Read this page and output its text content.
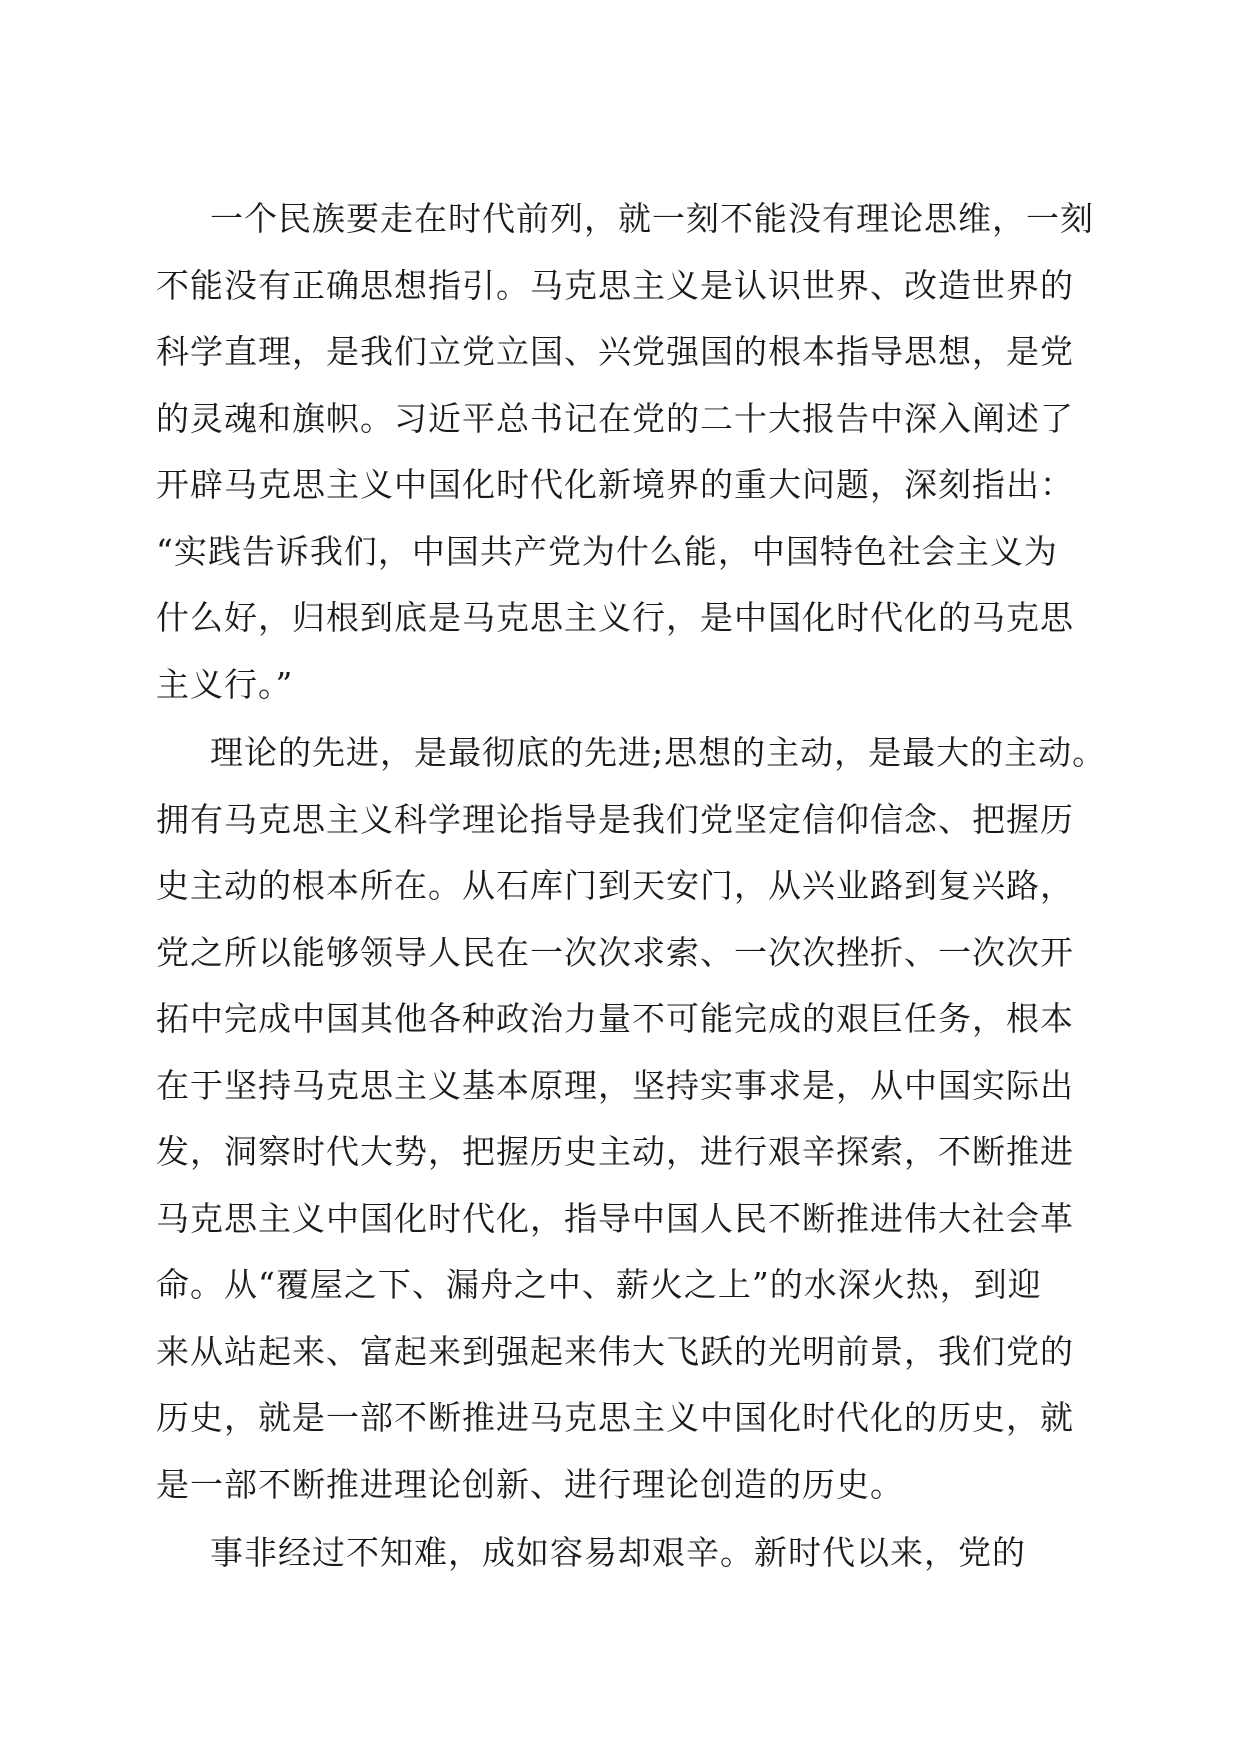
一个民族要走在时代前列，就一刻不能没有理论思维，一刻
不能没有正确思想指引。马克思主义是认识世界、改造世界的
科学直理，是我们立党立国、兴党强国的根本指导思想，是党
的灵魂和旗帜。习近平总书记在党的二十大报告中深入阐述了
开辟马克思主义中国化时代化新境界的重大问题，深刻指出：
“实践告诉我们，中国共产党为什么能，中国特色社会主义为
什么好，归根到底是马克思主义行，是中国化时代化的马克思
主义行。”
理论的先进，是最彻底的先进;思想的主动，是最大的主动。
拥有马克思主义科学理论指导是我们党坚定信仰信念、把握历
史主动的根本所在。从石库门到天安门，从兴业路到复兴路，
党之所以能够领导人民在一次次求索、一次次挫折、一次次开
拓中完成中国其他各种政治力量不可能完成的艰巨任务，根本
在于坚持马克思主义基本原理，坚持实事求是，从中国实际出
发，洞察时代大势，把握历史主动，进行艰辛探索，不断推进
马克思主义中国化时代化，指导中国人民不断推进伟大社会革
命。从“覆屋之下、漏舟之中、薪火之上”的水深火热，到迎
来从站起来、富起来到强起来伟大飞跃的光明前景，我们党的
历史，就是一部不断推进马克思主义中国化时代化的历史，就
是一部不断推进理论创新、进行理论创造的历史。
事非经过不知难，成如容易却艰辛。新时代以来，党的
